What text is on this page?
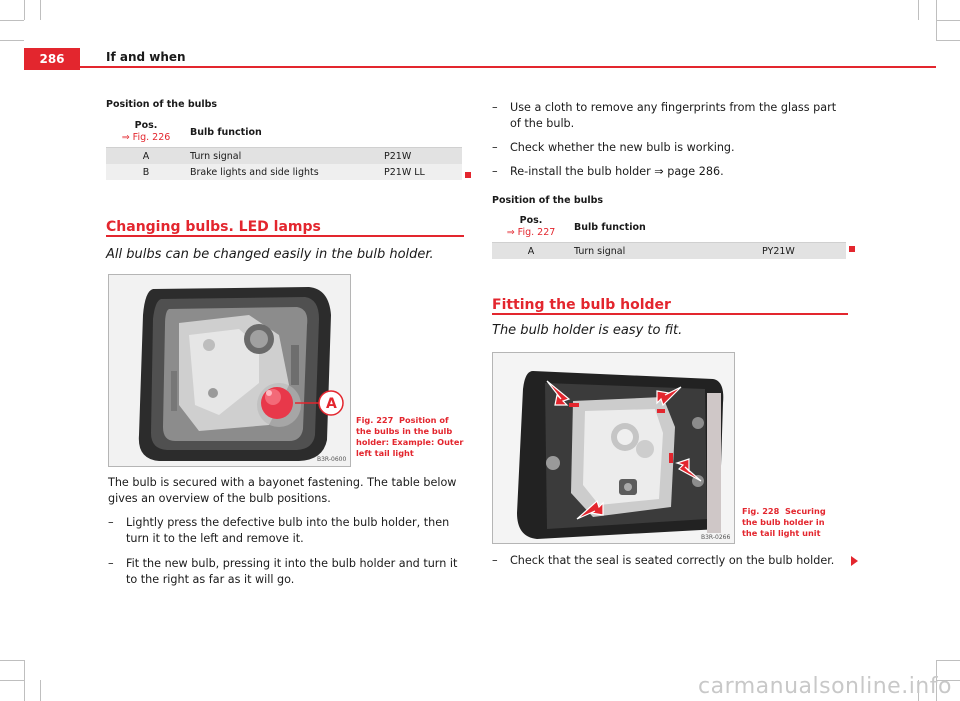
286	If and when
Position of the bulbs
Pos.
⇒ Fig. 226	Bulb function	
A	Turn signal	P21W
B	Brake lights and side lights	P21W LL
Changing bulbs. LED lamps
All bulbs can be changed easily in the bulb holder.
A
B3R-0600
Fig. 227 Position of the bulbs in the bulb holder: Example: Outer left tail light
The bulb is secured with a bayonet fastening. The table below gives an overview of the bulb positions.
– Lightly press the defective bulb into the bulb holder, then turn it to the left and remove it.
– Fit the new bulb, pressing it into the bulb holder and turn it to the right as far as it will go.
– Use a cloth to remove any fingerprints from the glass part of the bulb.
– Check whether the new bulb is working.
– Re-install the bulb holder ⇒ page 286.
Position of the bulbs
Pos.
⇒ Fig. 227	Bulb function	
A	Turn signal	PY21W
Fitting the bulb holder
The bulb holder is easy to fit.
B3R-0266
Fig. 228 Securing the bulb holder in the tail light unit
– Check that the seal is seated correctly on the bulb holder.
carmanualsonline.info
